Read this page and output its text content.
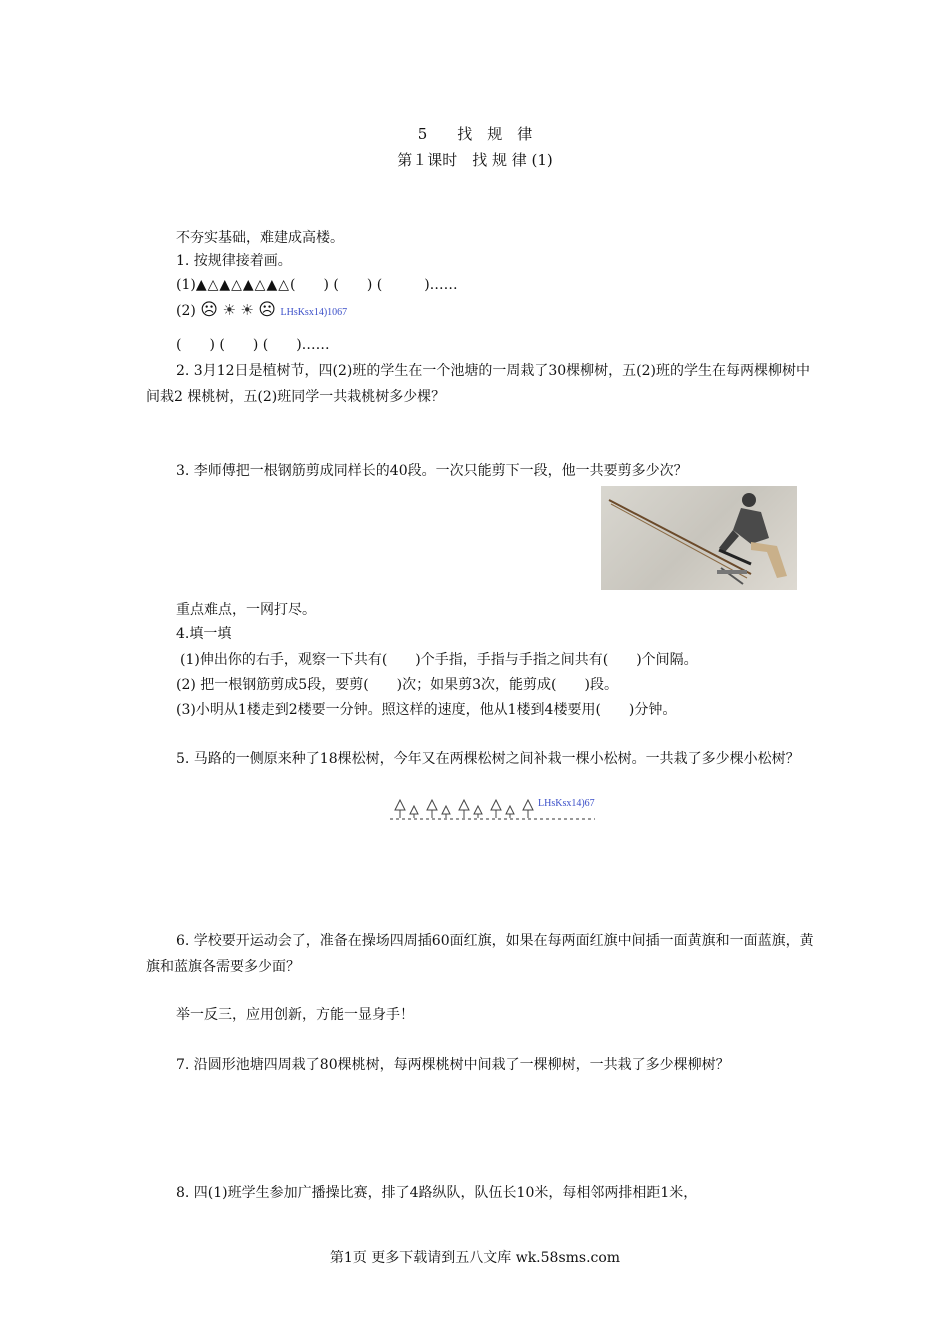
5　　找　规　律
第１课时　找 规 律 (1)
不夯实基础，难建成高楼。
1. 按规律接着画。
(1)▲△▲△▲△▲△(　　) (　　) (　　　)……
(2) ☹ ☀ ☀ ☹ LHsKsx14)1067
(　　) (　　) (　　)……
2. 3月12日是植树节，四(2)班的学生在一个池塘的一周栽了30棵柳树，五(2)班的学生在每两棵柳树中间栽2 棵桃树，五(2)班同学一共栽桃树多少棵？
3. 李师傅把一根钢筋剪成同样长的40段。一次只能剪下一段，他一共要剪多少次？
重点难点，一网打尽。
4.填一填
(1)伸出你的右手，观察一下共有(　　)个手指，手指与手指之间共有(　　)个间隔。
(2) 把一根钢筋剪成5段，要剪(　　)次；如果剪3次，能剪成(　　)段。
(3)小明从1楼走到2楼要一分钟。照这样的速度，他从1楼到4楼要用(　　)分钟。
5. 马路的一侧原来种了18棵松树，今年又在两棵松树之间补栽一棵小松树。一共栽了多少棵小松树？
LHsKsx14)67
6. 学校要开运动会了，准备在操场四周插60面红旗，如果在每两面红旗中间插一面黄旗和一面蓝旗，黄旗和蓝旗各需要多少面？
举一反三，应用创新，方能一显身手！
7. 沿圆形池塘四周栽了80棵桃树，每两棵桃树中间栽了一棵柳树，一共栽了多少棵柳树？
8. 四(1)班学生参加广播操比赛，排了4路纵队，队伍长10米，每相邻两排相距1米，
第1页 更多下载请到五八文库 wk.58sms.com
